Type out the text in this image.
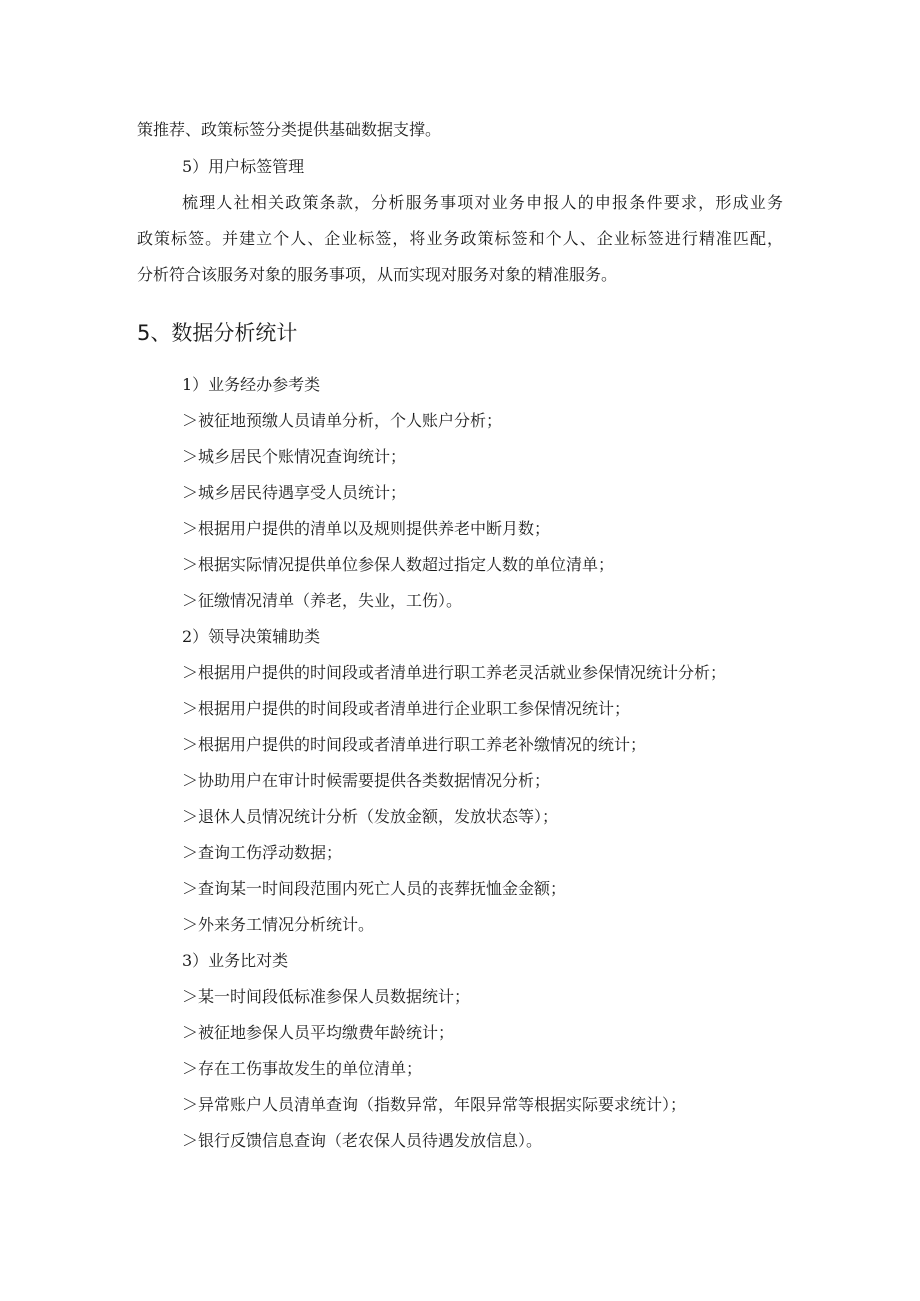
策推荐、政策标签分类提供基础数据支撑。
5）用户标签管理
梳理人社相关政策条款，分析服务事项对业务申报人的申报条件要求，形成业务
政策标签。并建立个人、企业标签，将业务政策标签和个人、企业标签进行精准匹配，
分析符合该服务对象的服务事项，从而实现对服务对象的精准服务。
5、数据分析统计
1）业务经办参考类
＞被征地预缴人员请单分析，个人账户分析；
＞城乡居民个账情况查询统计；
＞城乡居民待遇享受人员统计；
＞根据用户提供的清单以及规则提供养老中断月数；
＞根据实际情况提供单位参保人数超过指定人数的单位清单；
＞征缴情况清单（养老，失业，工伤）。
2）领导决策辅助类
＞根据用户提供的时间段或者清单进行职工养老灵活就业参保情况统计分析；
＞根据用户提供的时间段或者清单进行企业职工参保情况统计；
＞根据用户提供的时间段或者清单进行职工养老补缴情况的统计；
＞协助用户在审计时候需要提供各类数据情况分析；
＞退休人员情况统计分析（发放金额，发放状态等）；
＞查询工伤浮动数据；
＞查询某一时间段范围内死亡人员的丧葬抚恤金金额；
＞外来务工情况分析统计。
3）业务比对类
＞某一时间段低标准参保人员数据统计；
＞被征地参保人员平均缴费年龄统计；
＞存在工伤事故发生的单位清单；
＞异常账户人员清单查询（指数异常，年限异常等根据实际要求统计）；
＞银行反馈信息查询（老农保人员待遇发放信息）。
